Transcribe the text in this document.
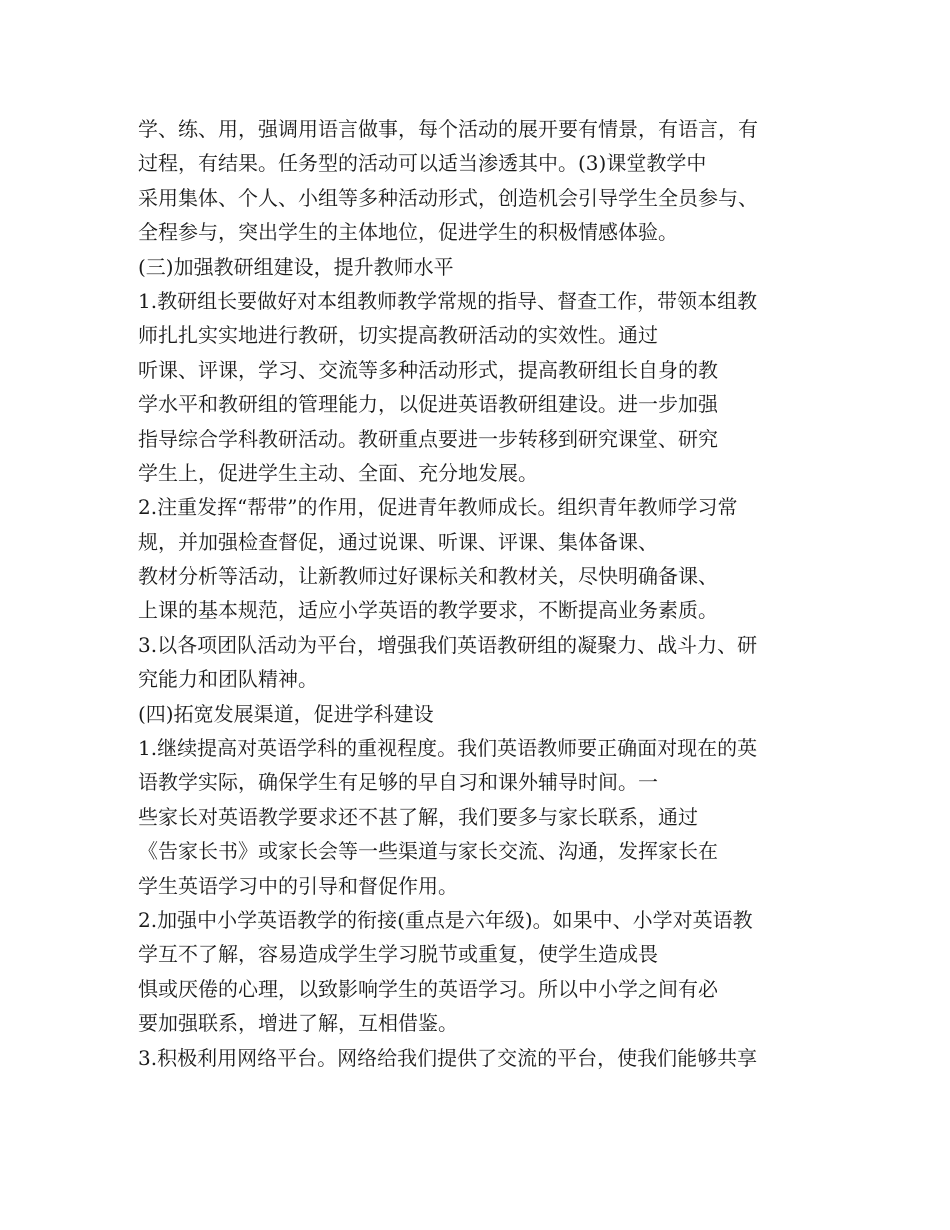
学、练、用，强调用语言做事，每个活动的展开要有情景，有语言，有
过程，有结果。任务型的活动可以适当渗透其中。(3)课堂教学中
采用集体、个人、小组等多种活动形式，创造机会引导学生全员参与、
全程参与，突出学生的主体地位，促进学生的积极情感体验。
(三)加强教研组建设，提升教师水平
1.教研组长要做好对本组教师教学常规的指导、督查工作，带领本组教
师扎扎实实地进行教研，切实提高教研活动的实效性。通过
听课、评课，学习、交流等多种活动形式，提高教研组长自身的教
学水平和教研组的管理能力，以促进英语教研组建设。进一步加强
指导综合学科教研活动。教研重点要进一步转移到研究课堂、研究
学生上，促进学生主动、全面、充分地发展。
2.注重发挥“帮带”的作用，促进青年教师成长。组织青年教师学习常
规，并加强检查督促，通过说课、听课、评课、集体备课、
教材分析等活动，让新教师过好课标关和教材关，尽快明确备课、
上课的基本规范，适应小学英语的教学要求，不断提高业务素质。
3.以各项团队活动为平台，增强我们英语教研组的凝聚力、战斗力、研
究能力和团队精神。
(四)拓宽发展渠道，促进学科建设
1.继续提高对英语学科的重视程度。我们英语教师要正确面对现在的英
语教学实际，确保学生有足够的早自习和课外辅导时间。一
些家长对英语教学要求还不甚了解，我们要多与家长联系，通过
《告家长书》或家长会等一些渠道与家长交流、沟通，发挥家长在
学生英语学习中的引导和督促作用。
2.加强中小学英语教学的衔接(重点是六年级)。如果中、小学对英语教
学互不了解，容易造成学生学习脱节或重复，使学生造成畏
惧或厌倦的心理，以致影响学生的英语学习。所以中小学之间有必
要加强联系，增进了解，互相借鉴。
3.积极利用网络平台。网络给我们提供了交流的平台，使我们能够共享
